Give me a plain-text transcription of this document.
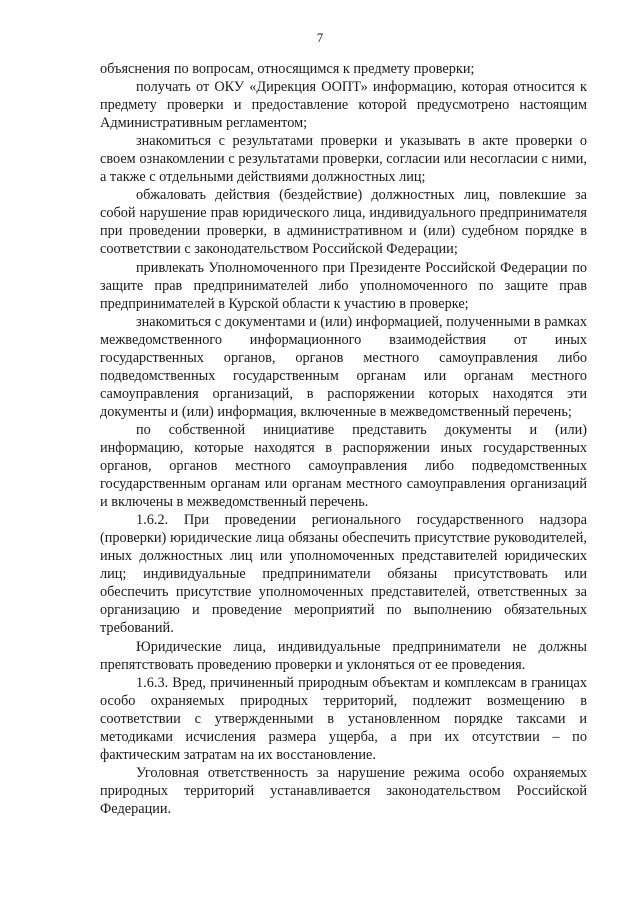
7

объяснения по вопросам, относящимся к предмету проверки;

получать от ОКУ «Дирекция ООПТ» информацию, которая относится к предмету проверки и предоставление которой предусмотрено настоящим Административным регламентом;

знакомиться с результатами проверки и указывать в акте проверки о своем ознакомлении с результатами проверки, согласии или несогласии с ними, а также с отдельными действиями должностных лиц;

обжаловать действия (бездействие) должностных лиц, повлекшие за собой нарушение прав юридического лица, индивидуального предпринимателя при проведении проверки, в административном и (или) судебном порядке в соответствии с законодательством Российской Федерации;

привлекать Уполномоченного при Президенте Российской Федерации по защите прав предпринимателей либо уполномоченного по защите прав предпринимателей в Курской области к участию в проверке;

знакомиться с документами и (или) информацией, полученными в рамках межведомственного информационного взаимодействия от иных государственных органов, органов местного самоуправления либо подведомственных государственным органам или органам местного самоуправления организаций, в распоряжении которых находятся эти документы и (или) информация, включенные в межведомственный перечень;

по собственной инициативе представить документы и (или) информацию, которые находятся в распоряжении иных государственных органов, органов местного самоуправления либо подведомственных государственным органам или органам местного самоуправления организаций и включены в межведомственный перечень.

1.6.2. При проведении регионального государственного надзора (проверки) юридические лица обязаны обеспечить присутствие руководителей, иных должностных лиц или уполномоченных представителей юридических лиц; индивидуальные предприниматели обязаны присутствовать или обеспечить присутствие уполномоченных представителей, ответственных за организацию и проведение мероприятий по выполнению обязательных требований.

Юридические лица, индивидуальные предприниматели не должны препятствовать проведению проверки и уклоняться от ее проведения.

1.6.3. Вред, причиненный природным объектам и комплексам в границах особо охраняемых природных территорий, подлежит возмещению в соответствии с утвержденными в установленном порядке таксами и методиками исчисления размера ущерба, а при их отсутствии – по фактическим затратам на их восстановление.

Уголовная ответственность за нарушение режима особо охраняемых природных территорий устанавливается законодательством Российской Федерации.
